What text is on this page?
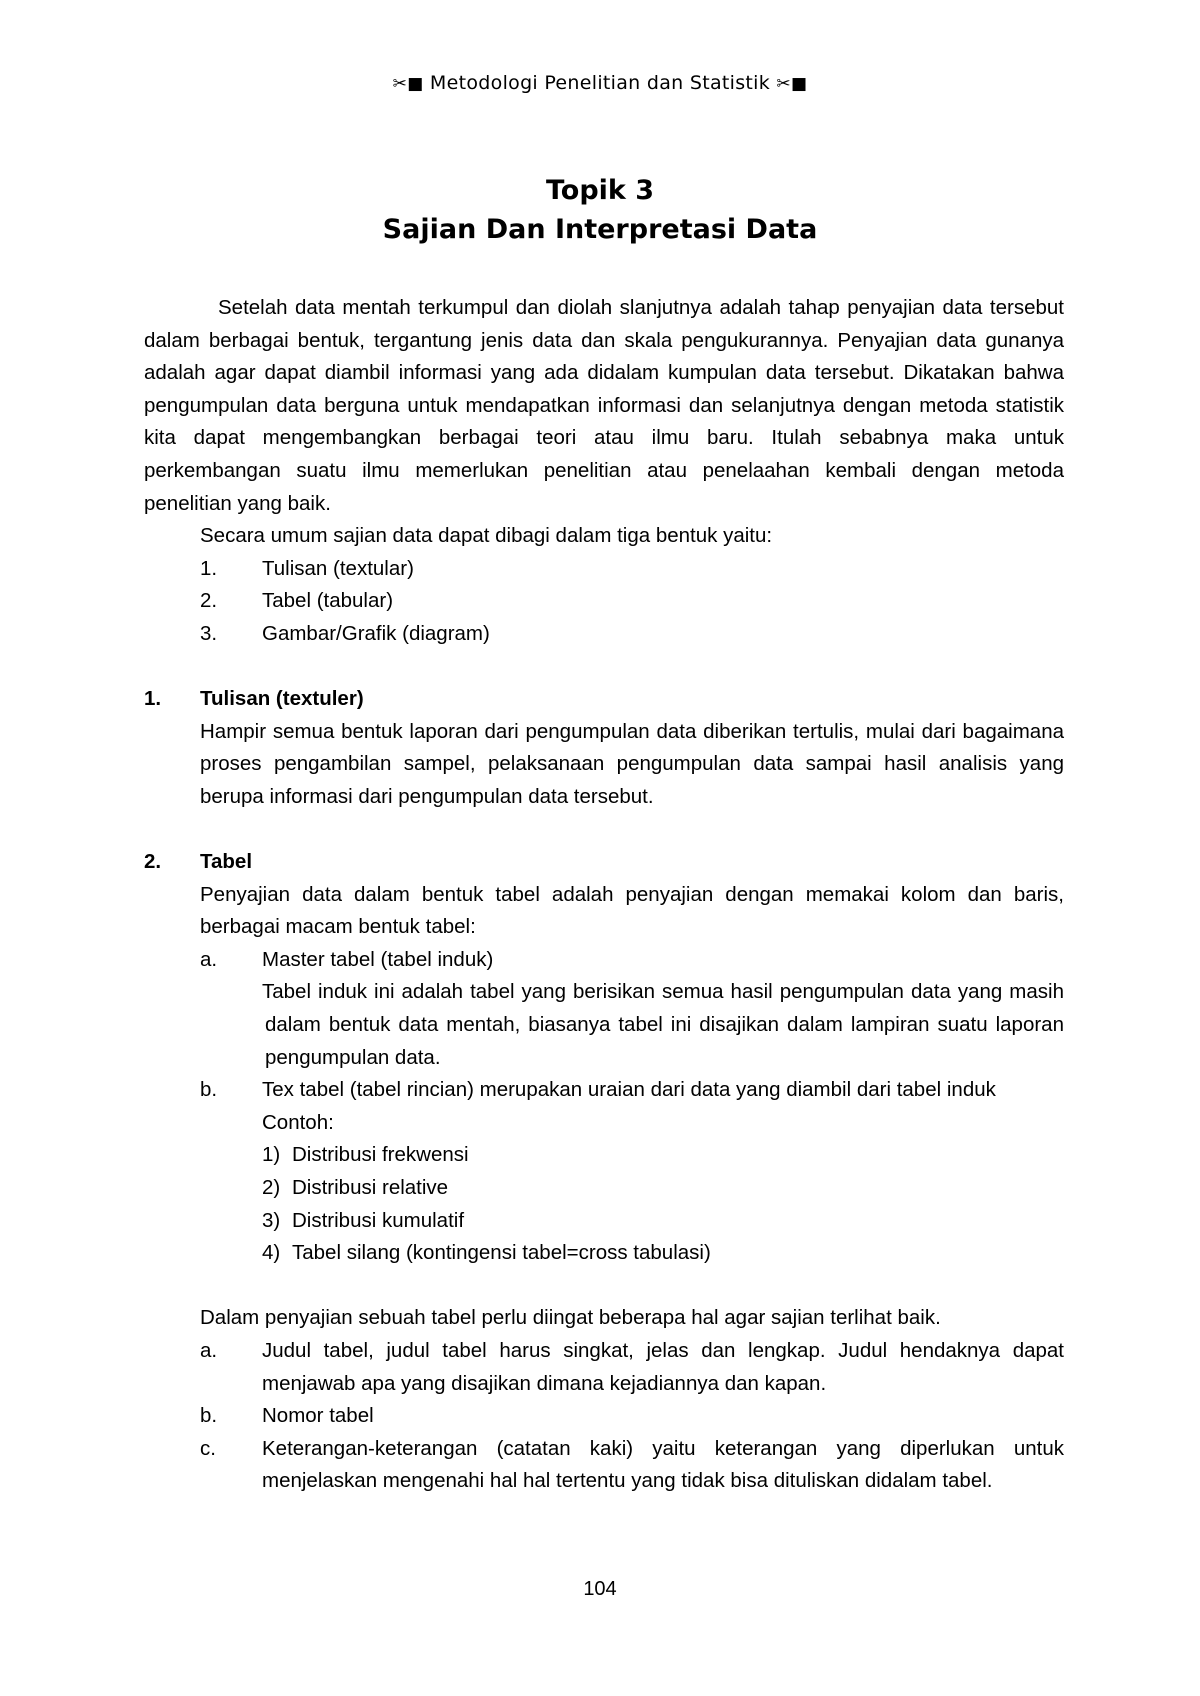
✂■ Metodologi Penelitian dan Statistik ✂■
Topik 3
Sajian Dan Interpretasi Data

Setelah data mentah terkumpul dan diolah slanjutnya adalah tahap penyajian data tersebut dalam berbagai bentuk, tergantung jenis data dan skala pengukurannya. Penyajian data gunanya adalah agar dapat diambil informasi yang ada didalam kumpulan data tersebut. Dikatakan bahwa pengumpulan data berguna untuk mendapatkan informasi dan selanjutnya dengan metoda statistik kita dapat mengembangkan berbagai teori atau ilmu baru. Itulah sebabnya maka untuk perkembangan suatu ilmu memerlukan penelitian atau penelaahan kembali dengan metoda penelitian yang baik.

Secara umum sajian data dapat dibagi dalam tiga bentuk yaitu:

1.	Tulisan (textular)
2.	Tabel (tabular)
3.	Gambar/Grafik (diagram)
1.	Tulisan (textuler)

Hampir semua bentuk laporan dari pengumpulan data diberikan tertulis, mulai dari bagaimana proses pengambilan sampel, pelaksanaan pengumpulan data sampai hasil analisis yang berupa informasi dari pengumpulan data tersebut.

2.	Tabel

Penyajian data dalam bentuk tabel adalah penyajian dengan memakai kolom dan baris, berbagai macam bentuk tabel:

a.	Master tabel (tabel induk)

Tabel induk ini adalah tabel yang berisikan semua hasil pengumpulan data yang masih dalam bentuk data mentah, biasanya tabel ini disajikan dalam lampiran suatu laporan pengumpulan data.

b.	Tex tabel (tabel rincian) merupakan uraian dari data yang diambil dari tabel induk

Contoh:

1) Distribusi frekwensi
2) Distribusi relative
3) Distribusi kumulatif
4) Tabel silang (kontingensi tabel=cross tabulasi)

Dalam penyajian sebuah tabel perlu diingat beberapa hal agar sajian terlihat baik.

a.	Judul tabel, judul tabel harus singkat, jelas dan lengkap. Judul hendaknya dapat menjawab apa yang disajikan dimana kejadiannya dan kapan.
b.	Nomor tabel
c.	Keterangan-keterangan (catatan kaki) yaitu keterangan yang diperlukan untuk menjelaskan mengenahi hal hal tertentu yang tidak bisa dituliskan didalam tabel.
104
